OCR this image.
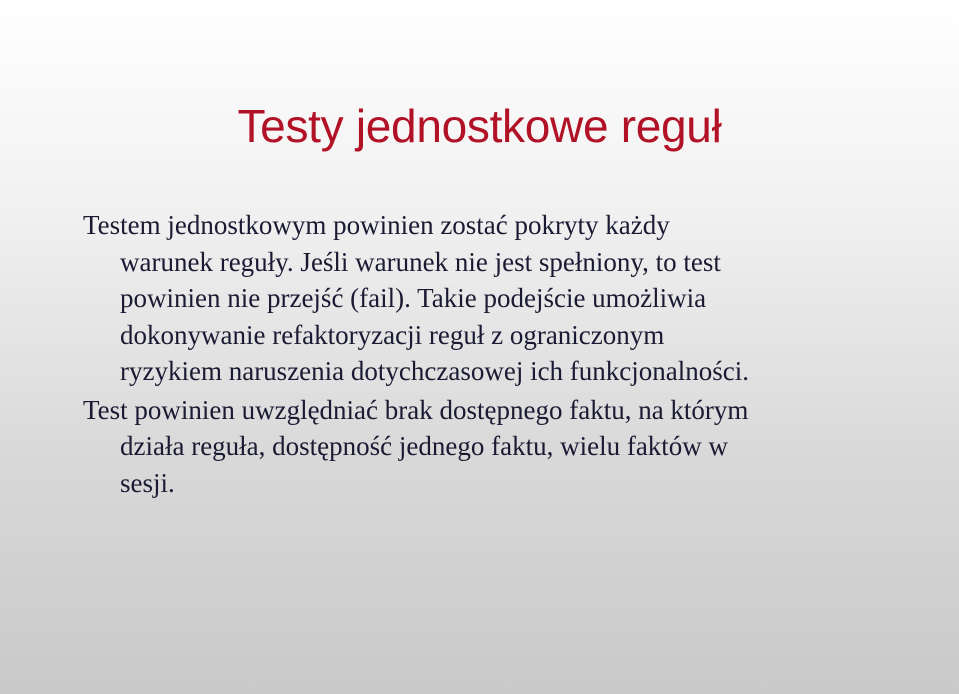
Testy jednostkowe reguł
Testem jednostkowym powinien zostać pokryty każdy
warunek reguły. Jeśli warunek nie jest spełniony, to test
powinien nie przejść (fail). Takie podejście umożliwia
dokonywanie refaktoryzacji reguł z ograniczonym
ryzykiem naruszenia dotychczasowej ich funkcjonalności.
Test powinien uwzględniać brak dostępnego faktu, na którym
działa reguła, dostępność jednego faktu, wielu faktów w
sesji.
